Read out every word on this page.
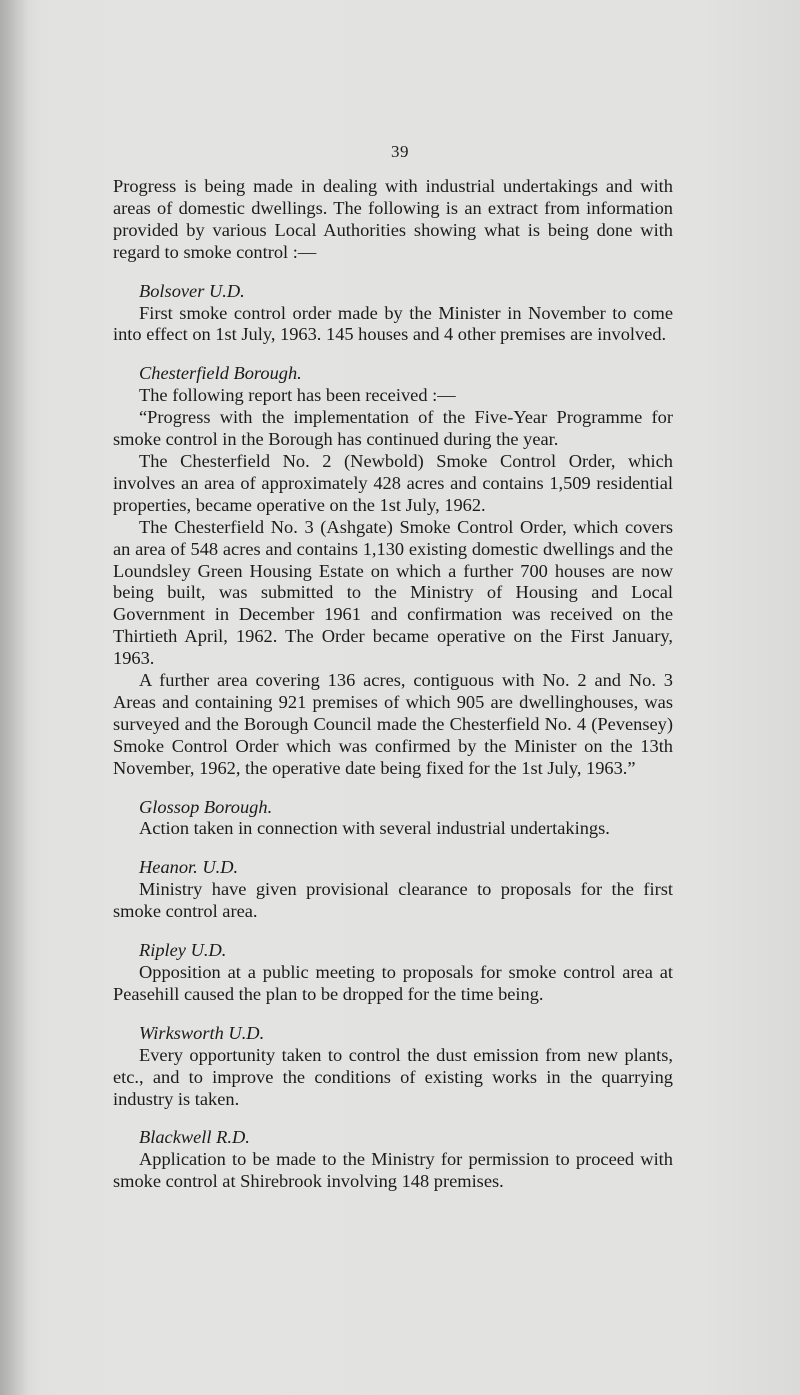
39

Progress is being made in dealing with industrial undertakings and with areas of domestic dwellings. The following is an extract from information provided by various Local Authorities showing what is being done with regard to smoke control :—

Bolsover U.D.

First smoke control order made by the Minister in November to come into effect on 1st July, 1963. 145 houses and 4 other premises are involved.

Chesterfield Borough.

The following report has been received :—

“Progress with the implementation of the Five-Year Programme for smoke control in the Borough has continued during the year.

The Chesterfield No. 2 (Newbold) Smoke Control Order, which involves an area of approximately 428 acres and contains 1,509 residential properties, became operative on the 1st July, 1962.

The Chesterfield No. 3 (Ashgate) Smoke Control Order, which covers an area of 548 acres and contains 1,130 existing domestic dwellings and the Loundsley Green Housing Estate on which a further 700 houses are now being built, was submitted to the Ministry of Housing and Local Government in December 1961 and confirmation was received on the Thirtieth April, 1962. The Order became operative on the First January, 1963.

A further area covering 136 acres, contiguous with No. 2 and No. 3 Areas and containing 921 premises of which 905 are dwellinghouses, was surveyed and the Borough Council made the Chesterfield No. 4 (Pevensey) Smoke Control Order which was confirmed by the Minister on the 13th November, 1962, the operative date being fixed for the 1st July, 1963.”

Glossop Borough.

Action taken in connection with several industrial undertakings.

Heanor. U.D.

Ministry have given provisional clearance to proposals for the first smoke control area.

Ripley U.D.

Opposition at a public meeting to proposals for smoke control area at Peasehill caused the plan to be dropped for the time being.

Wirksworth U.D.

Every opportunity taken to control the dust emission from new plants, etc., and to improve the conditions of existing works in the quarrying industry is taken.

Blackwell R.D.

Application to be made to the Ministry for permission to proceed with smoke control at Shirebrook involving 148 premises.
